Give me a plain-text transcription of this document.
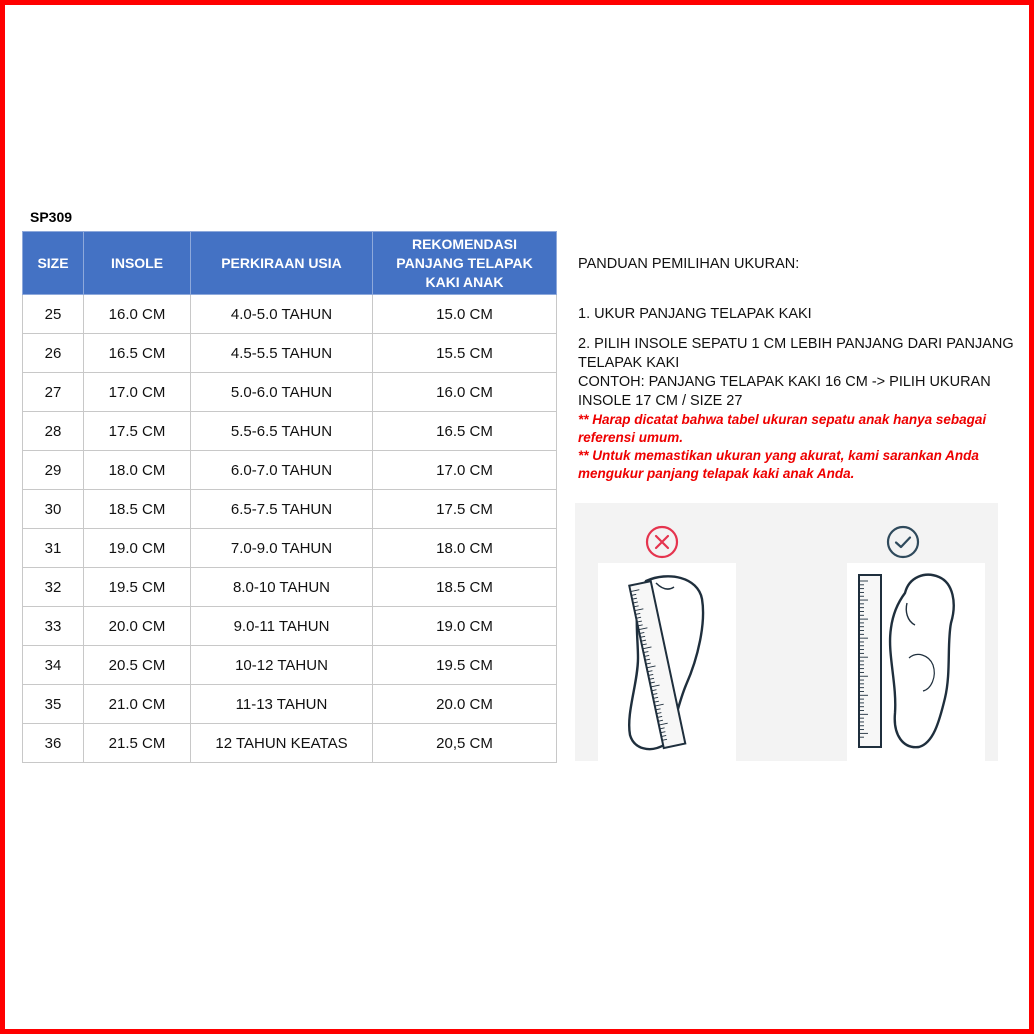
SP309
SIZE	INSOLE	PERKIRAAN USIA	REKOMENDASI PANJANG TELAPAK KAKI ANAK
25	16.0 CM	4.0-5.0 TAHUN	15.0 CM
26	16.5 CM	4.5-5.5 TAHUN	15.5 CM
27	17.0 CM	5.0-6.0 TAHUN	16.0 CM
28	17.5 CM	5.5-6.5 TAHUN	16.5 CM
29	18.0 CM	6.0-7.0 TAHUN	17.0 CM
30	18.5 CM	6.5-7.5 TAHUN	17.5 CM
31	19.0 CM	7.0-9.0 TAHUN	18.0 CM
32	19.5 CM	8.0-10 TAHUN	18.5 CM
33	20.0 CM	9.0-11 TAHUN	19.0 CM
34	20.5 CM	10-12 TAHUN	19.5 CM
35	21.0 CM	11-13 TAHUN	20.0 CM
36	21.5 CM	12 TAHUN KEATAS	20,5 CM
PANDUAN PEMILIHAN UKURAN:
1. UKUR PANJANG TELAPAK KAKI
2. PILIH INSOLE SEPATU 1 CM LEBIH PANJANG DARI PANJANG TELAPAK KAKI
CONTOH: PANJANG TELAPAK KAKI 16 CM -> PILIH UKURAN INSOLE 17 CM / SIZE 27
** Harap dicatat bahwa tabel ukuran sepatu anak hanya sebagai referensi umum.
** Untuk memastikan ukuran yang akurat, kami sarankan Anda mengukur panjang telapak kaki anak Anda.
